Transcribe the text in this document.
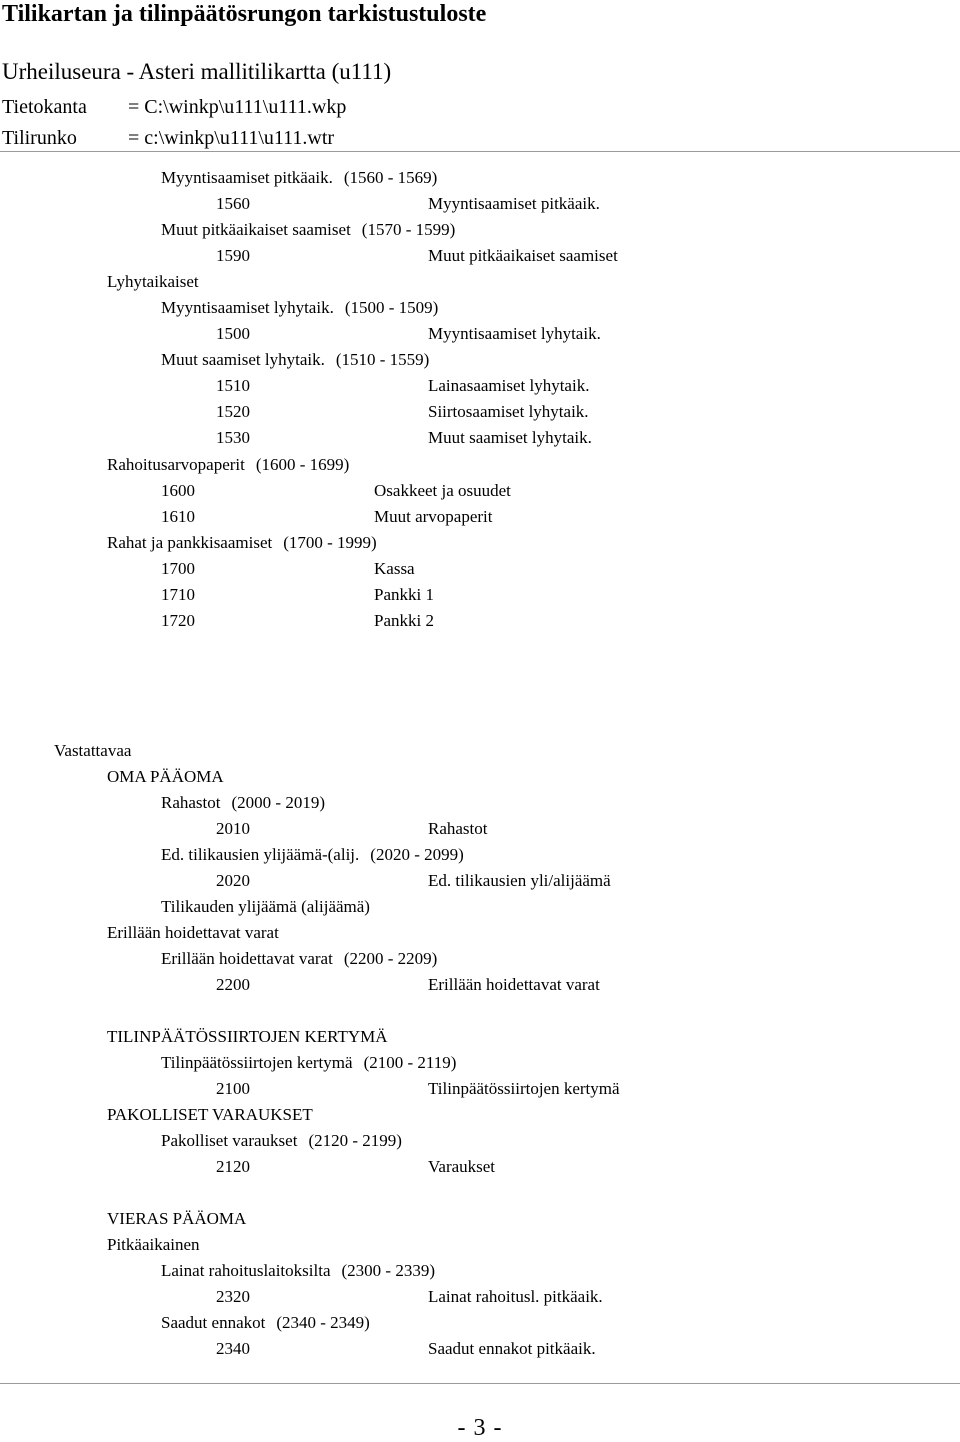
Tilikartan ja tilinpäätösrungon tarkistustuloste
Urheiluseura - Asteri mallitilikartta (u111)
Tietokanta = C:\winkp\u111\u111.wkp
Tilirunko	= c:\winkp\u111\u111.wtr
Myyntisaamiset pitkäaik. (1560 - 1569)
1560	Myyntisaamiset pitkäaik.
Muut pitkäaikaiset saamiset (1570 - 1599)
1590	Muut pitkäaikaiset saamiset
Lyhytaikaiset
Myyntisaamiset lyhytaik. (1500 - 1509)
1500	Myyntisaamiset lyhytaik.
Muut saamiset lyhytaik. (1510 - 1559)
1510	Lainasaamiset lyhytaik.
1520	Siirtosaamiset lyhytaik.
1530	Muut saamiset lyhytaik.
Rahoitusarvopaperit (1600 - 1699)
1600	Osakkeet ja osuudet
1610	Muut arvopaperit
Rahat ja pankkisaamiset (1700 - 1999)
1700	Kassa
1710	Pankki 1
1720	Pankki 2
Vastattavaa
OMA PÄÄOMA
Rahastot (2000 - 2019)
2010	Rahastot
Ed. tilikausien ylijäämä-(alij. (2020 - 2099)
2020	Ed. tilikausien yli/alijäämä
Tilikauden ylijäämä (alijäämä)
Erillään hoidettavat varat
Erillään hoidettavat varat (2200 - 2209)
2200	Erillään hoidettavat varat
TILINPÄÄTÖSSIIRTOJEN KERTYMÄ
Tilinpäätössiirtojen kertymä (2100 - 2119)
2100	Tilinpäätössiirtojen kertymä
PAKOLLISET VARAUKSET
Pakolliset varaukset (2120 - 2199)
2120	Varaukset
VIERAS PÄÄOMA
Pitkäaikainen
Lainat rahoituslaitoksilta (2300 - 2339)
2320	Lainat rahoitusl. pitkäaik.
Saadut ennakot (2340 - 2349)
2340	Saadut ennakot pitkäaik.
- 3 -
